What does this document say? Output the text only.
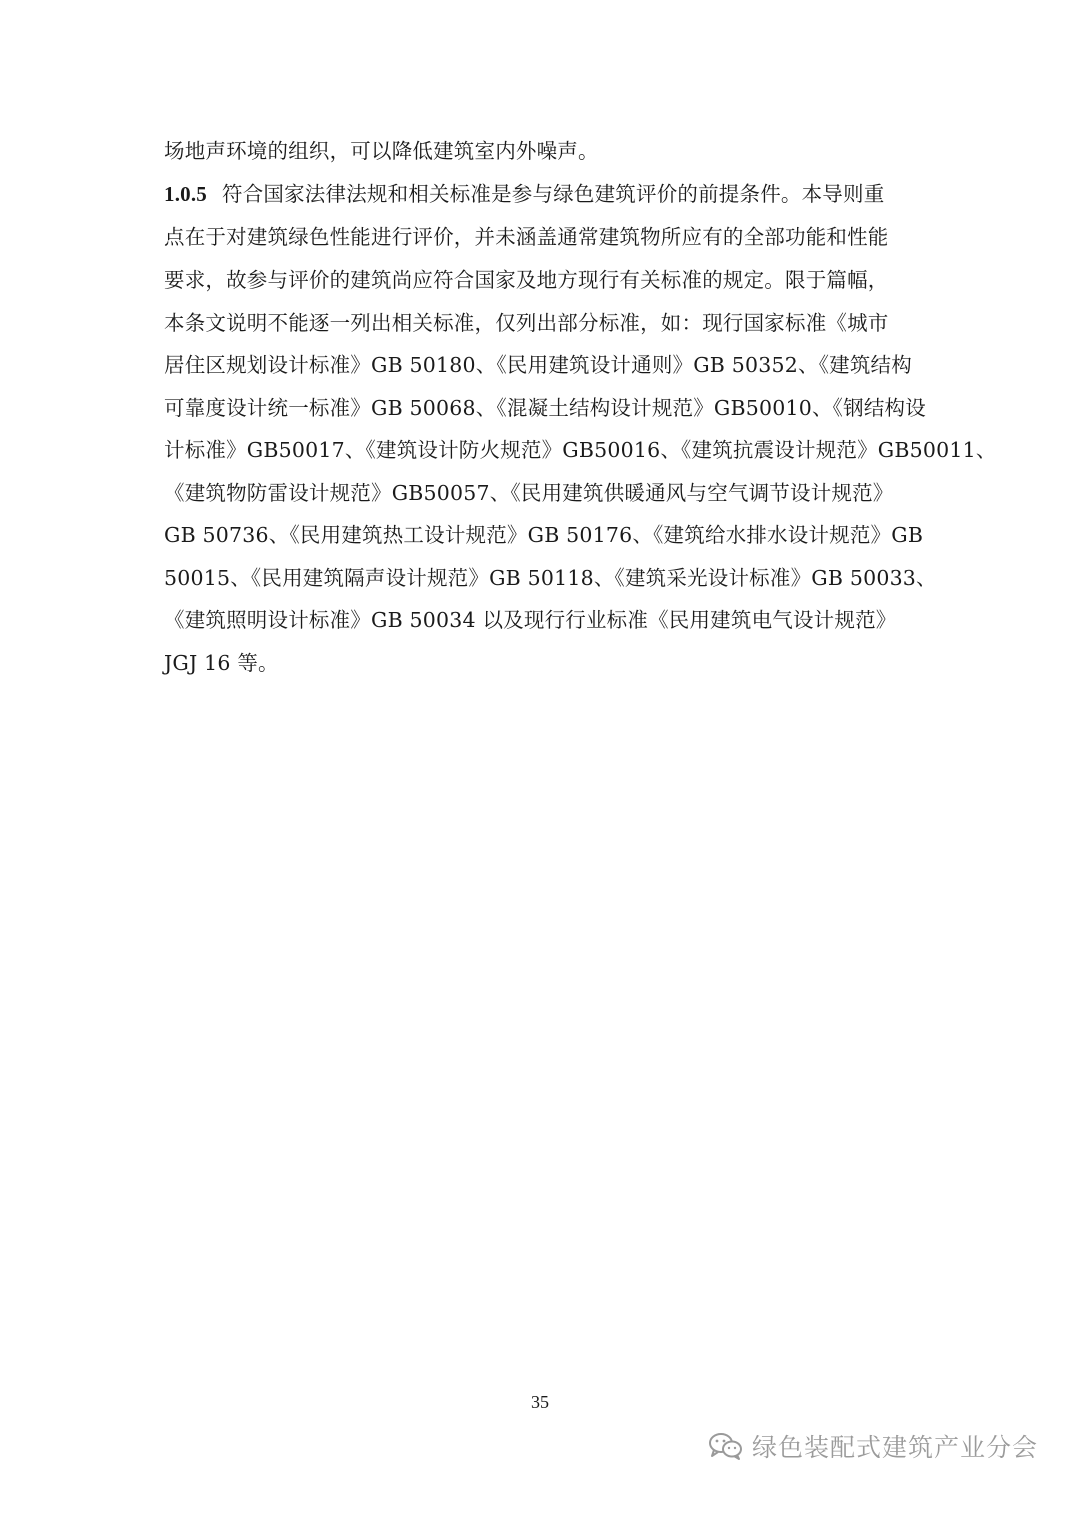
场地声环境的组织，可以降低建筑室内外噪声。
1.0.5 符合国家法律法规和相关标准是参与绿色建筑评价的前提条件。本导则重
点在于对建筑绿色性能进行评价，并未涵盖通常建筑物所应有的全部功能和性能
要求，故参与评价的建筑尚应符合国家及地方现行有关标准的规定。限于篇幅，
本条文说明不能逐一列出相关标准，仅列出部分标准，如：现行国家标准《城市
居住区规划设计标准》GB 50180、《民用建筑设计通则》GB 50352、《建筑结构
可靠度设计统一标准》GB 50068、《混凝土结构设计规范》GB50010、《钢结构设
计标准》GB50017、《建筑设计防火规范》GB50016、《建筑抗震设计规范》GB50011、
《建筑物防雷设计规范》GB50057、《民用建筑供暖通风与空气调节设计规范》
GB 50736、《民用建筑热工设计规范》GB 50176、《建筑给水排水设计规范》GB
50015、《民用建筑隔声设计规范》GB 50118、《建筑采光设计标准》GB 50033、
《建筑照明设计标准》GB 50034 以及现行行业标准《民用建筑电气设计规范》
JGJ 16 等。
35
绿色装配式建筑产业分会
